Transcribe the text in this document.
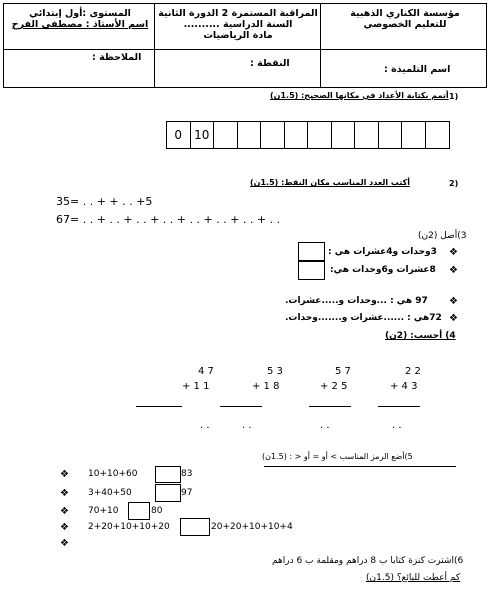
مؤسسة الكناري الذهبية
للتعليم الخصوصي
المراقبة المستمرة 2 الدورة الثانية
السنة الدراسية ..........
مادة الرياضيات
المستوى :أول إبتدائي
اسم الأستاذ : مصطفى الفرح
اسم التلميذة :
النقطة :
: الملاحظة
1)
أتمم بكتابة الأعداد في مكانها الصحيح: (1.5ن)
0	10
2)
أكتب العدد المناسب مكان النقط: (1.5ن)
35= . . + + . . +5
67= . . + . . + . . + . . + . . + . . + . . + . .
3)أصل (2ن)
❖
3وحدات و4عشرات هي :
❖
8عشرات و6وحدات هي:
❖
97 هي : ...وحدات و.....عشرات.
❖
72هي : ......عشرات و.......وحدات.
4) أحسب: (2ن)
2 2
+ 4 3
. .
5 7
+ 2 5
. .
5 3
+ 1 8
. .
4 7
+ 1 1
. .
5)أضع الرمز المناسب > أو = أو < : (1.5ن)
❖ 10+10+60	83
❖ 3+40+50	97
❖ 70+10	80
❖ 2+20+10+10+20	20+20+10+10+4
❖
6)اشترت كنزة كتابا ب 8 دراهم ومقلمة ب 6 دراهم
كم أعطت للبائع؟ (1.5ن)
